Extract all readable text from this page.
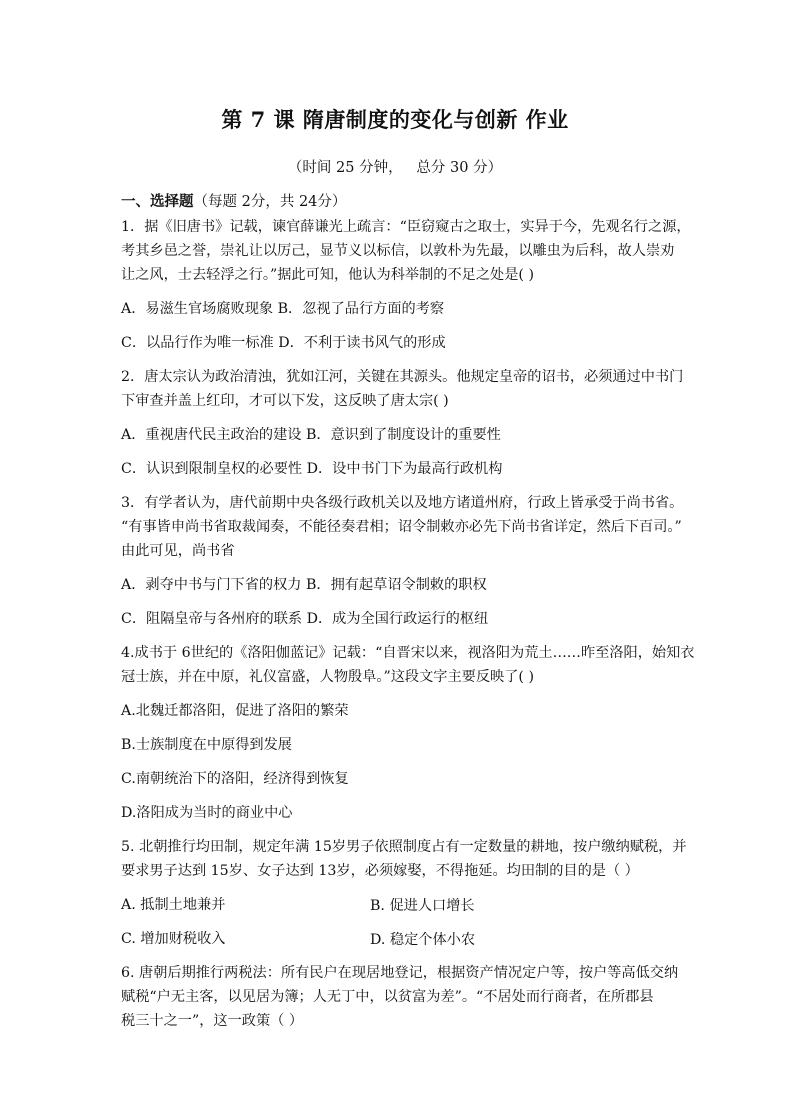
第 7 课 隋唐制度的变化与创新 作业
（时间 25 分钟，   总分 30 分）
一、选择题（每题 2分，共 24分）
1．据《旧唐书》记载，谏官薛谦光上疏言：“臣窃窥古之取士，实异于今，先观名行之源，
考其乡邑之誉，崇礼让以厉己，显节义以标信，以敦朴为先最，以雕虫为后科，故人崇劝
让之风，士去轻浮之行。”据此可知，他认为科举制的不足之处是( )
A．易滋生官场腐败现象 B．忽视了品行方面的考察
C．以品行作为唯一标准 D．不利于读书风气的形成
2．唐太宗认为政治清浊，犹如江河，关键在其源头。他规定皇帝的诏书，必须通过中书门
下审查并盖上红印，才可以下发，这反映了唐太宗( )
A．重视唐代民主政治的建设 B．意识到了制度设计的重要性
C．认识到限制皇权的必要性 D．设中书门下为最高行政机构
3．有学者认为，唐代前期中央各级行政机关以及地方诸道州府，行政上皆承受于尚书省。
“有事皆申尚书省取裁闻奏，不能径奏君相；诏令制敕亦必先下尚书省详定，然后下百司。”
由此可见，尚书省
A．剥夺中书与门下省的权力 B．拥有起草诏令制敕的职权
C．阻隔皇帝与各州府的联系 D．成为全国行政运行的枢纽
4.成书于 6世纪的《洛阳伽蓝记》记载：“自晋宋以来，视洛阳为荒土……昨至洛阳，始知衣
冠士族，并在中原，礼仪富盛，人物殷阜。”这段文字主要反映了( )
A.北魏迁都洛阳，促进了洛阳的繁荣
B.士族制度在中原得到发展
C.南朝统治下的洛阳，经济得到恢复
D.洛阳成为当时的商业中心
5. 北朝推行均田制，规定年满 15岁男子依照制度占有一定数量的耕地，按户缴纳赋税，并
要求男子达到 15岁、女子达到 13岁，必须嫁娶，不得拖延。均田制的目的是（ ）
A. 抵制土地兼并	B. 促进人口增长
C. 增加财税收入	D. 稳定个体小农
6. 唐朝后期推行两税法：所有民户在现居地登记，根据资产情况定户等，按户等高低交纳
赋税“户无主客，以见居为簿；人无丁中，以贫富为差”。“不居处而行商者，在所郡县
税三十之一”，这一政策（ ）
